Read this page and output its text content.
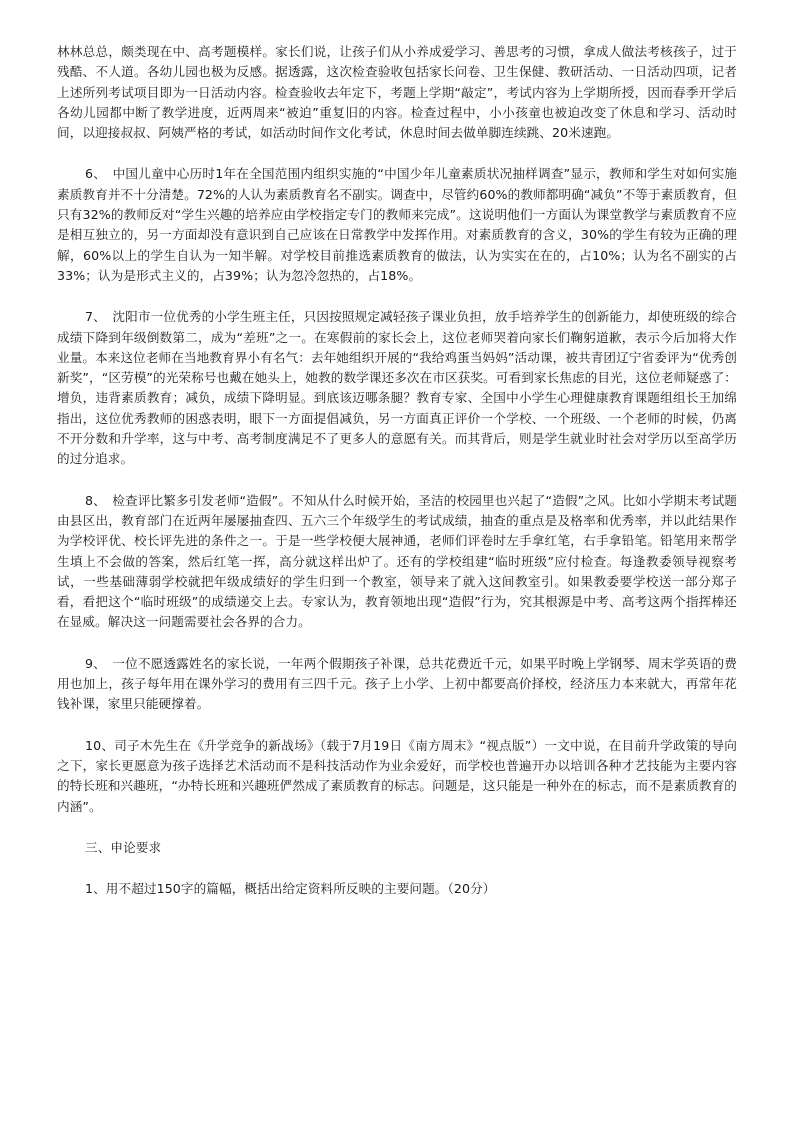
林林总总，颇类现在中、高考题模样。家长们说，让孩子们从小养成爱学习、善思考的习惯，拿成人做法考核孩子，过于残酷、不人道。各幼儿园也极为反感。据透露，这次检查验收包括家长问卷、卫生保健、教研活动、一日活动四项，记者上述所列考试项目即为一日活动内容。检查验收去年定下，考题上学期“敲定”，考试内容为上学期所授，因而春季开学后各幼儿园都中断了教学进度，近两周来“被迫”重复旧的内容。检查过程中，小小孩童也被迫改变了休息和学习、活动时间，以迎接叔叔、阿姨严格的考试，如活动时间作文化考试，休息时间去做单脚连续跳、20米速跑。

6、　中国儿童中心历时1年在全国范围内组织实施的“中国少年儿童素质状况抽样调查”显示，教师和学生对如何实施素质教育并不十分清楚。72%的人认为素质教育名不副实。调查中，尽管约60%的教师都明确“减负”不等于素质教育，但只有32%的教师反对“学生兴趣的培养应由学校指定专门的教师来完成”。这说明他们一方面认为课堂教学与素质教育不应是相互独立的，另一方面却没有意识到自己应该在日常教学中发挥作用。对素质教育的含义，30%的学生有较为正确的理解，60%以上的学生自认为一知半解。对学校目前推选素质教育的做法，认为实实在在的，占10%；认为名不副实的占33%；认为是形式主义的，占39%；认为忽冷忽热的，占18%。

7、　沈阳市一位优秀的小学生班主任，只因按照规定减轻孩子课业负担，放手培养学生的创新能力，却使班级的综合成绩下降到年级倒数第二，成为“差班”之一。在寒假前的家长会上，这位老师哭着向家长们鞠躬道歉，表示今后加将大作业量。本来这位老师在当地教育界小有名气：去年她组织开展的“我给鸡蛋当妈妈”活动课，被共青团辽宁省委评为“优秀创新奖”，“区劳模”的光荣称号也戴在她头上，她教的数学课还多次在市区获奖。可看到家长焦虑的目光，这位老师疑惑了：增负，违背素质教育；减负，成绩下降明显。到底该迈哪条腿？教育专家、全国中小学生心理健康教育课题组组长王加绵指出，这位优秀教师的困惑表明，眼下一方面提倡减负，另一方面真正评价一个学校、一个班级、一个老师的时候，仍离不开分数和升学率，这与中考、高考制度满足不了更多人的意愿有关。而其背后，则是学生就业时社会对学历以至高学历的过分追求。

8、　检查评比繁多引发老师“造假”。不知从什么时候开始，圣洁的校园里也兴起了“造假”之风。比如小学期末考试题由县区出，教育部门在近两年屡屡抽查四、五六三个年级学生的考试成绩，抽查的重点是及格率和优秀率，并以此结果作为学校评优、校长评先进的条件之一。于是一些学校便大展神通，老师们评卷时左手拿红笔，右手拿铅笔。铅笔用来帮学生填上不会做的答案，然后红笔一挥，高分就这样出炉了。还有的学校组建“临时班级”应付检查。每逢教委领导视察考试，一些基础薄弱学校就把年级成绩好的学生归到一个教室，领导来了就入这间教室引。如果教委要学校送一部分郑子看，看把这个“临时班级”的成绩递交上去。专家认为，教育领地出现“造假”行为，究其根源是中考、高考这两个指挥棒还在显威。解决这一问题需要社会各界的合力。

9、　一位不愿透露姓名的家长说，一年两个假期孩子补课，总共花费近千元，如果平时晚上学钢琴、周末学英语的费用也加上，孩子每年用在课外学习的费用有三四千元。孩子上小学、上初中都要高价择校，经济压力本来就大，再常年花钱补课，家里只能硬撑着。

10、司子木先生在《升学竞争的新战场》（载于7月19日《南方周末》“视点版”）一文中说，在目前升学政策的导向之下，家长更愿意为孩子选择艺术活动而不是科技活动作为业余爱好，而学校也普遍开办以培训各种才艺技能为主要内容的特长班和兴趣班，“办特长班和兴趣班俨然成了素质教育的标志。问题是，这只能是一种外在的标志，而不是素质教育的内涵”。

三、申论要求

1、用不超过150字的篇幅，概括出给定资料所反映的主要问题。（20分）
